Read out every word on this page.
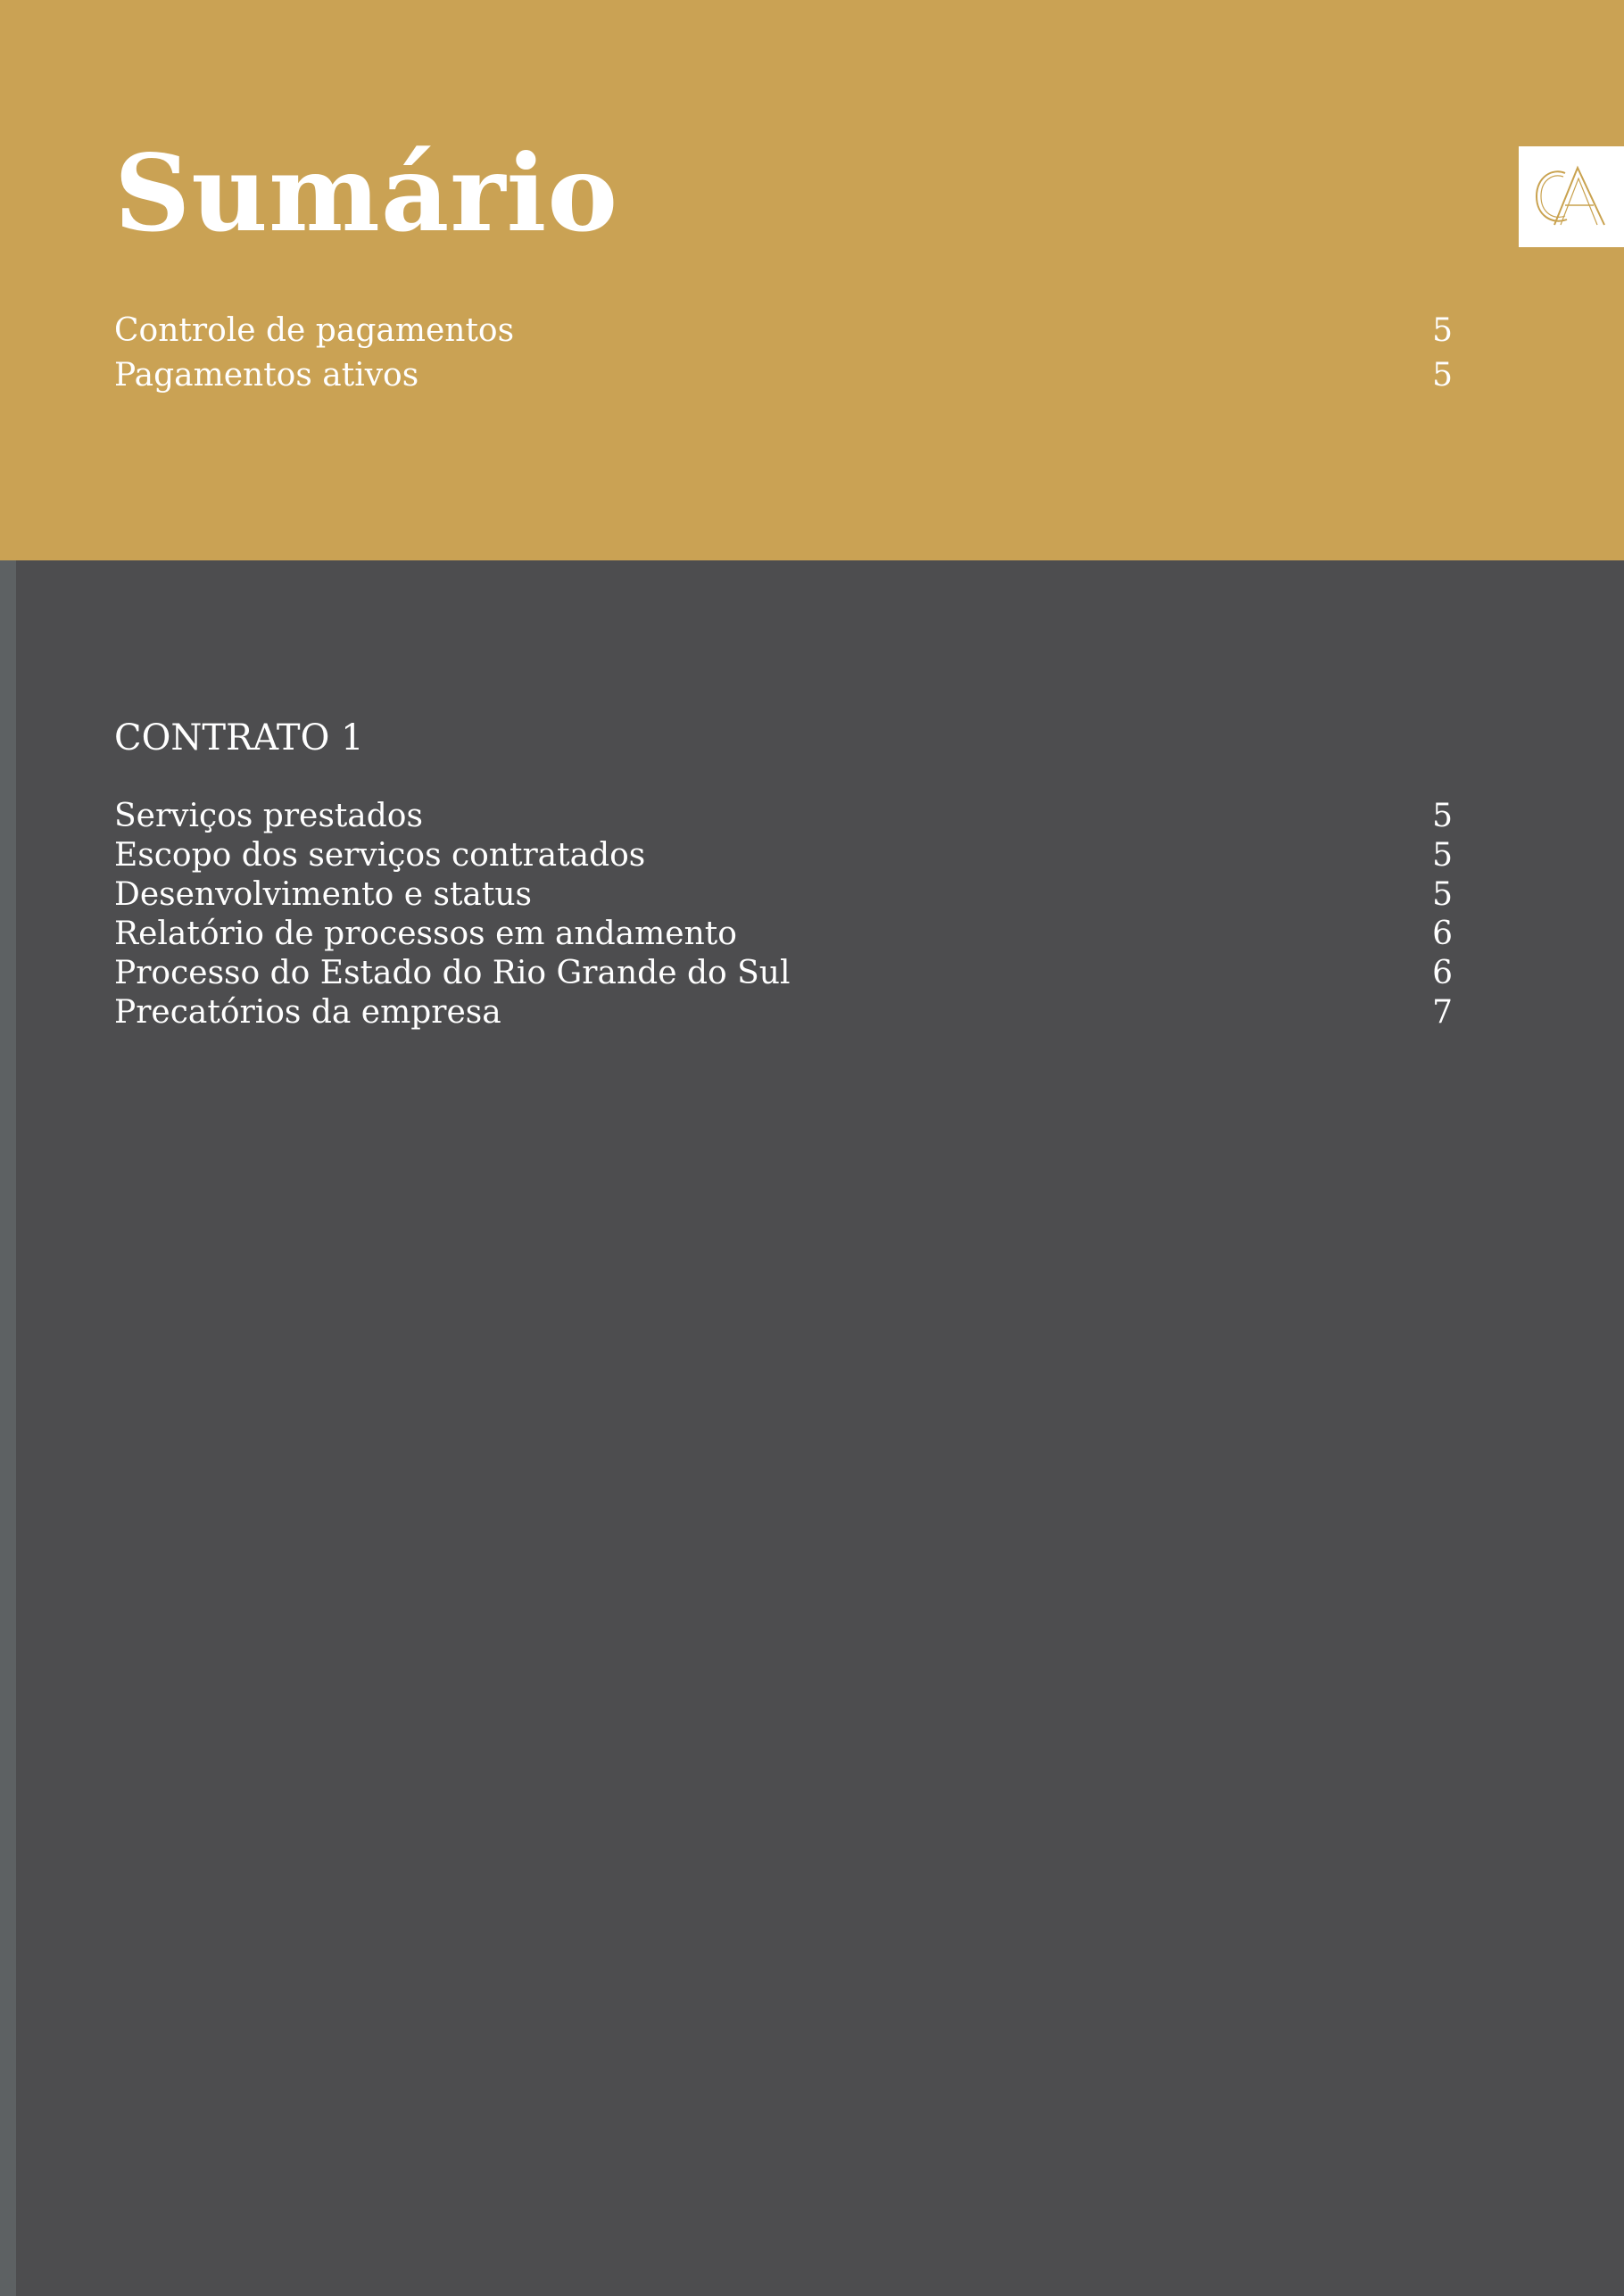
Sumário
Controle de pagamentos	5
Pagamentos ativos	5
CONTRATO 1
Serviços prestados	5
Escopo dos serviços contratados	5
Desenvolvimento e status	5
Relatório de processos em andamento	6
Processo do Estado do Rio Grande do Sul	6
Precatórios da empresa	7
